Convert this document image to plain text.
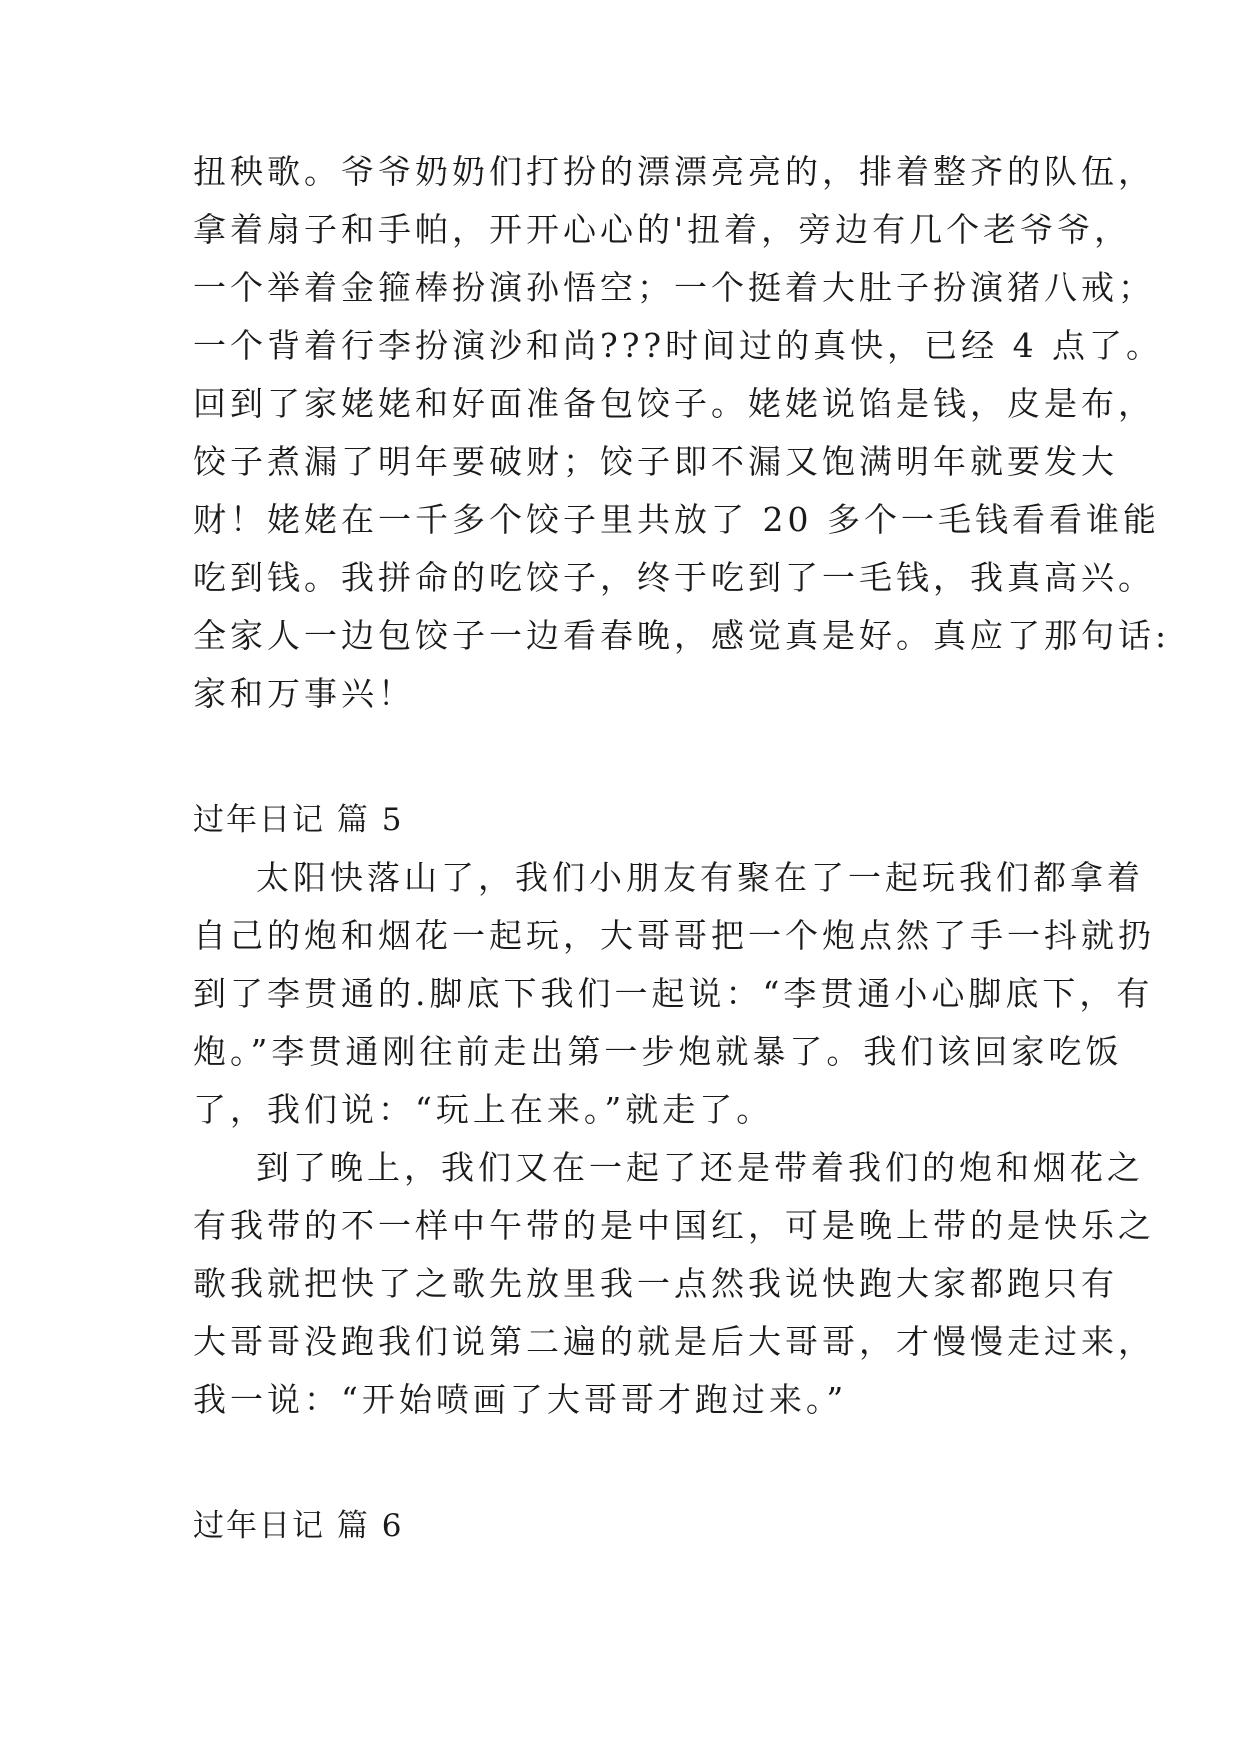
扭秧歌。爷爷奶奶们打扮的漂漂亮亮的，排着整齐的队伍，
拿着扇子和手帕，开开心心的'扭着，旁边有几个老爷爷，
一个举着金箍棒扮演孙悟空；一个挺着大肚子扮演猪八戒；
一个背着行李扮演沙和尚???时间过的真快，已经 4 点了。
回到了家姥姥和好面准备包饺子。姥姥说馅是钱，皮是布，
饺子煮漏了明年要破财；饺子即不漏又饱满明年就要发大
财！姥姥在一千多个饺子里共放了 20 多个一毛钱看看谁能
吃到钱。我拼命的吃饺子，终于吃到了一毛钱，我真高兴。
全家人一边包饺子一边看春晚，感觉真是好。真应了那句话:
家和万事兴！
过年日记 篇 5
太阳快落山了，我们小朋友有聚在了一起玩我们都拿着
自己的炮和烟花一起玩，大哥哥把一个炮点然了手一抖就扔
到了李贯通的.脚底下我们一起说：“李贯通小心脚底下，有
炮。”李贯通刚往前走出第一步炮就暴了。我们该回家吃饭
了，我们说：“玩上在来。”就走了。
到了晚上，我们又在一起了还是带着我们的炮和烟花之
有我带的不一样中午带的是中国红，可是晚上带的是快乐之
歌我就把快了之歌先放里我一点然我说快跑大家都跑只有
大哥哥没跑我们说第二遍的就是后大哥哥，才慢慢走过来，
我一说：“开始喷画了大哥哥才跑过来。”
过年日记 篇 6
